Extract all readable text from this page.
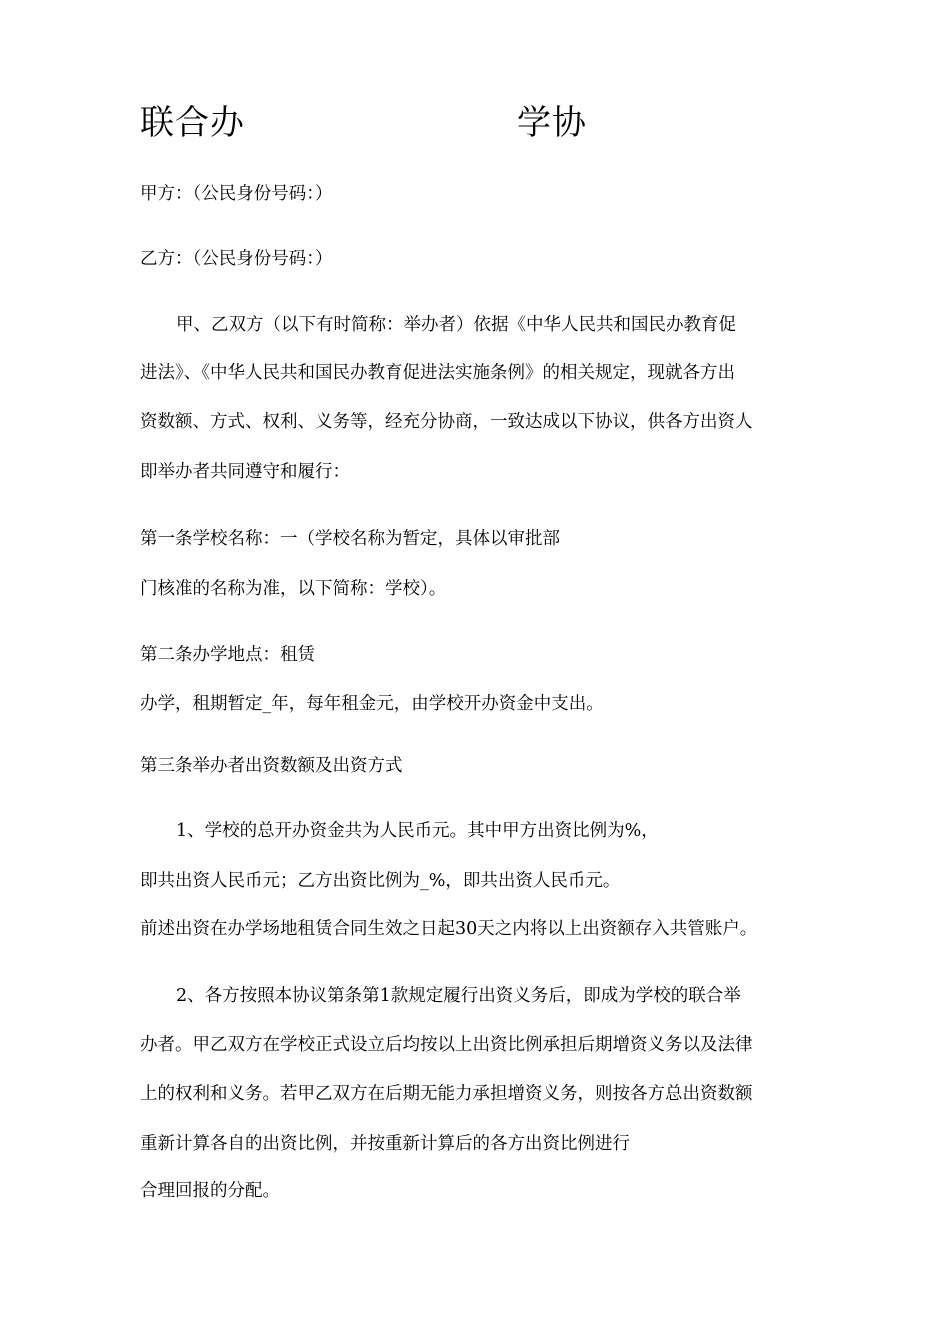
联合办	学协
甲方：（公民身份号码：）
乙方：（公民身份号码：）
甲、乙双方（以下有时简称：举办者）依据《中华人民共和国民办教育促
进法》、《中华人民共和国民办教育促进法实施条例》的相关规定，现就各方出
资数额、方式、权利、义务等，经充分协商，一致达成以下协议，供各方出资人
即举办者共同遵守和履行：
第一条学校名称：一（学校名称为暂定，具体以审批部
门核准的名称为准，以下简称：学校）。
第二条办学地点：租赁
办学，租期暂定_年，每年租金元，由学校开办资金中支出。
第三条举办者出资数额及出资方式
1、学校的总开办资金共为人民币元。其中甲方出资比例为%，
即共出资人民币元；乙方出资比例为_%，即共出资人民币元。
前述出资在办学场地租赁合同生效之日起30天之内将以上出资额存入共管账户。
2、各方按照本协议第条第1款规定履行出资义务后，即成为学校的联合举
办者。甲乙双方在学校正式设立后均按以上出资比例承担后期增资义务以及法律
上的权利和义务。若甲乙双方在后期无能力承担增资义务，则按各方总出资数额
重新计算各自的出资比例，并按重新计算后的各方出资比例进行
合理回报的分配。
